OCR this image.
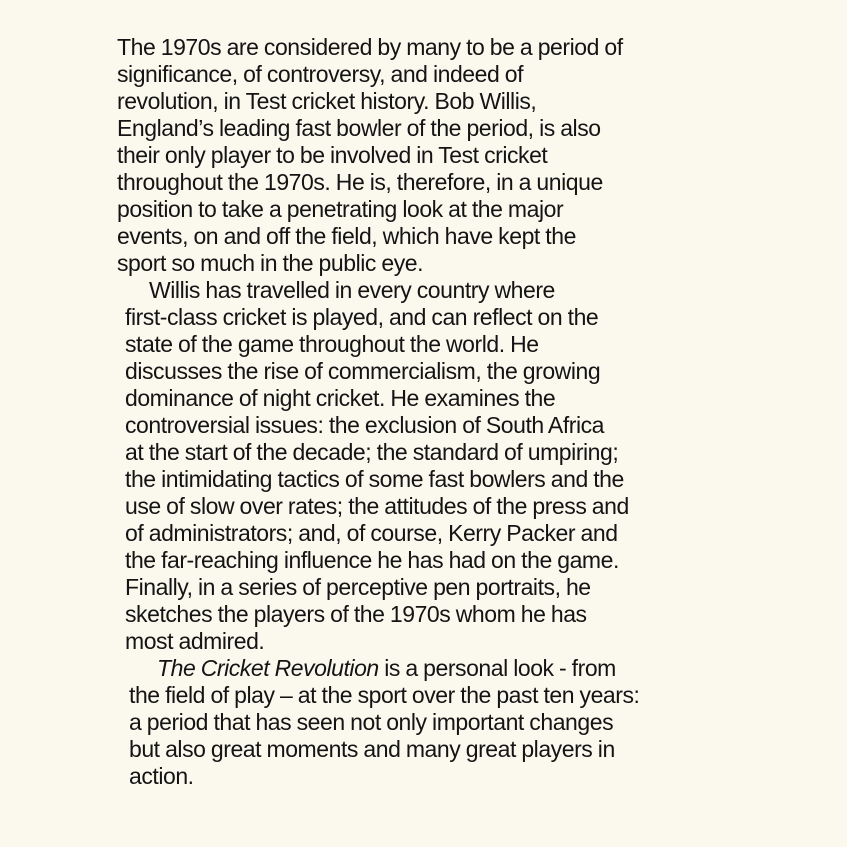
The 1970s are considered by many to be a period of
significance, of controversy, and indeed of
revolution, in Test cricket history. Bob Willis,
England’s leading fast bowler of the period, is also
their only player to be involved in Test cricket
throughout the 1970s. He is, therefore, in a unique
position to take a penetrating look at the major
events, on and off the field, which have kept the
sport so much in the public eye.
Willis has travelled in every country where
first-class cricket is played, and can reflect on the
state of the game throughout the world. He
discusses the rise of commercialism, the growing
dominance of night cricket. He examines the
controversial issues: the exclusion of South Africa
at the start of the decade; the standard of umpiring;
the intimidating tactics of some fast bowlers and the
use of slow over rates; the attitudes of the press and
of administrators; and, of course, Kerry Packer and
the far-reaching influence he has had on the game.
Finally, in a series of perceptive pen portraits, he
sketches the players of the 1970s whom he has
most admired.
The Cricket Revolution is a personal look - from
the field of play – at the sport over the past ten years:
a period that has seen not only important changes
but also great moments and many great players in
action.
